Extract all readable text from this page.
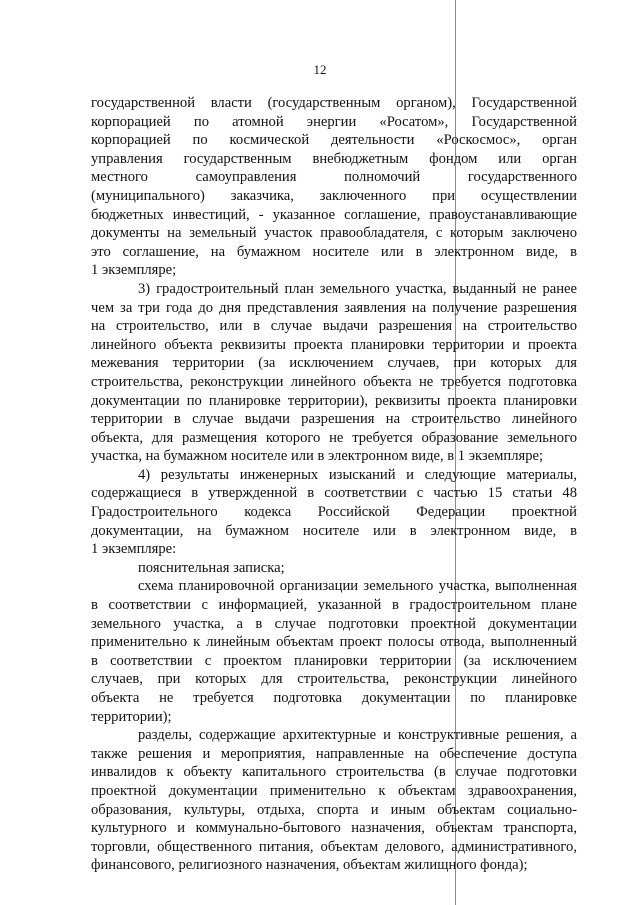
12
государственной власти (государственным органом), Государственной
корпорацией по атомной энергии «Росатом», Государственной
корпорацией по космической деятельности «Роскосмос», орган
управления государственным внебюджетным фондом или орган
местного самоуправления полномочий государственного
(муниципального) заказчика, заключенного при осуществлении
бюджетных инвестиций, - указанное соглашение, правоустанавливающие
документы на земельный участок правообладателя, с которым заключено
это соглашение, на бумажном носителе или в электронном виде, в
1 экземпляре;
3) градостроительный план земельного участка, выданный не ранее
чем за три года до дня представления заявления на получение разрешения
на строительство, или в случае выдачи разрешения на строительство
линейного объекта реквизиты проекта планировки территории и проекта
межевания территории (за исключением случаев, при которых для
строительства, реконструкции линейного объекта не требуется подготовка
документации по планировке территории), реквизиты проекта планировки
территории в случае выдачи разрешения на строительство линейного
объекта, для размещения которого не требуется образование земельного
участка, на бумажном носителе или в электронном виде, в 1 экземпляре;
4) результаты инженерных изысканий и следующие материалы,
содержащиеся в утвержденной в соответствии с частью 15 статьи 48
Градостроительного кодекса Российской Федерации проектной
документации, на бумажном носителе или в электронном виде, в
1 экземпляре:
пояснительная записка;
схема планировочной организации земельного участка, выполненная
в соответствии с информацией, указанной в градостроительном плане
земельного участка, а в случае подготовки проектной документации
применительно к линейным объектам проект полосы отвода, выполненный
в соответствии с проектом планировки территории (за исключением
случаев, при которых для строительства, реконструкции линейного
объекта не требуется подготовка документации по планировке
территории);
разделы, содержащие архитектурные и конструктивные решения, а
также решения и мероприятия, направленные на обеспечение доступа
инвалидов к объекту капитального строительства (в случае подготовки
проектной документации применительно к объектам здравоохранения,
образования, культуры, отдыха, спорта и иным объектам социально-
культурного и коммунально-бытового назначения, объектам транспорта,
торговли, общественного питания, объектам делового, административного,
финансового, религиозного назначения, объектам жилищного фонда);
